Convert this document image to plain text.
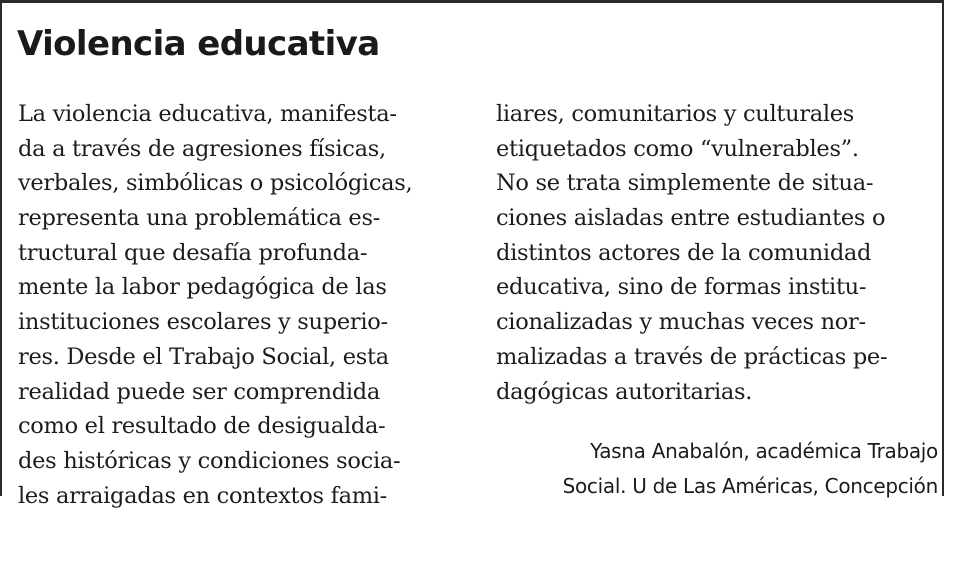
Violencia educativa
La violencia educativa, manifesta-
da a través de agresiones físicas,
verbales, simbólicas o psicológicas,
representa una problemática es-
tructural que desafía profunda-
mente la labor pedagógica de las
instituciones escolares y superio-
res. Desde el Trabajo Social, esta
realidad puede ser comprendida
como el resultado de desigualda-
des históricas y condiciones socia-
les arraigadas en contextos fami-
liares, comunitarios y culturales
etiquetados como “vulnerables”.
No se trata simplemente de situa-
ciones aisladas entre estudiantes o
distintos actores de la comunidad
educativa, sino de formas institu-
cionalizadas y muchas veces nor-
malizadas a través de prácticas pe-
dagógicas autoritarias.
Yasna Anabalón, académica Trabajo
Social. U de Las Américas, Concepción
